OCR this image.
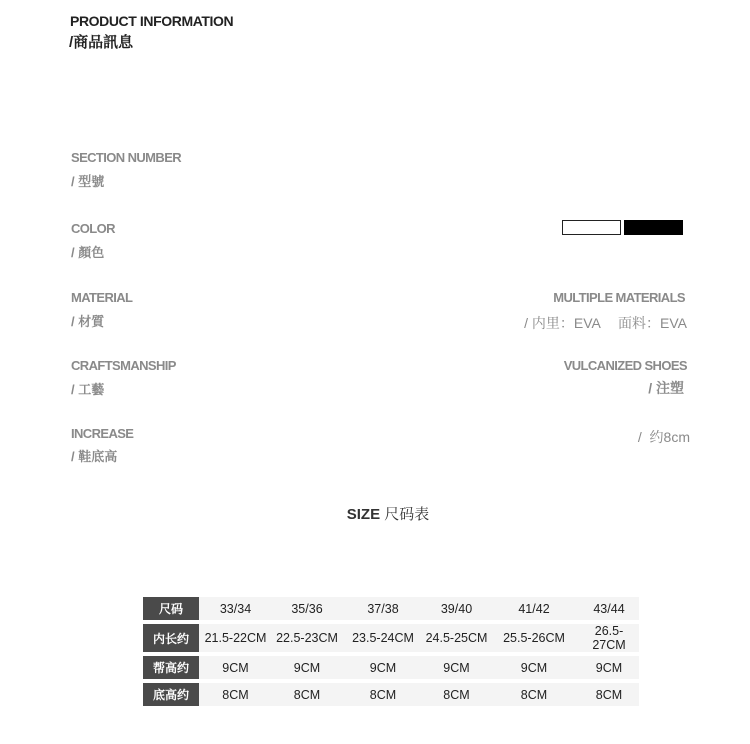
PRODUCT INFORMATION
/商品訊息
SECTION NUMBER
/ 型號
COLOR
/ 顏色
MATERIAL
/ 材質
MULTIPLE MATERIALS
/ 内里：EVA　 面料：EVA
CRAFTSMANSHIP
/ 工藝
VULCANIZED SHOES
/ 注塑
INCREASE
/ 鞋底高
/  约8cm
SIZE 尺码表
尺码	33/34	35/36	37/38	39/40	41/42	43/44
内长约	21.5-22CM	22.5-23CM	23.5-24CM	24.5-25CM	25.5-26CM	26.5-27CM
帮高约	9CM	9CM	9CM	9CM	9CM	9CM
底高约	8CM	8CM	8CM	8CM	8CM	8CM
